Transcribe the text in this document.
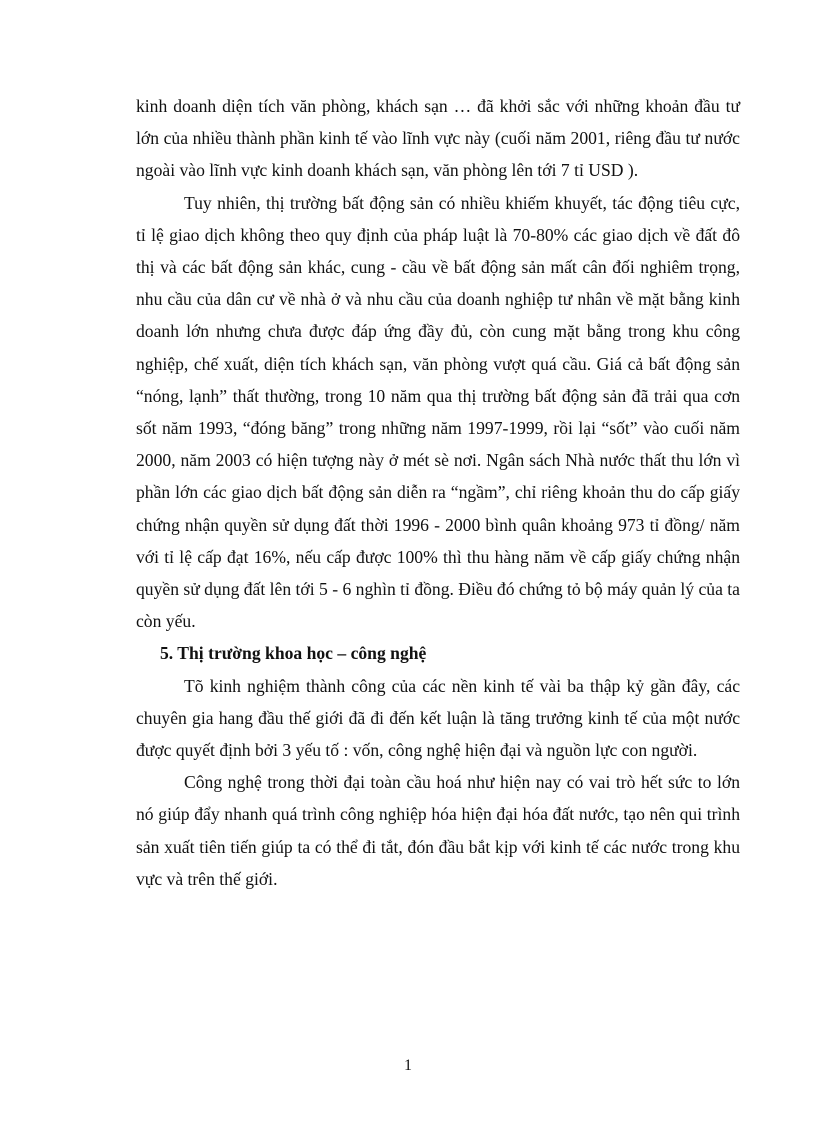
kinh doanh diện tích văn phòng, khách sạn … đã khởi sắc với những khoản đầu tư lớn của nhiều thành phần kinh tế vào lĩnh vực này (cuối năm 2001, riêng đầu tư nước ngoài vào lĩnh vực kinh doanh khách sạn, văn phòng lên tới 7 tỉ USD ).

Tuy nhiên, thị trường bất động sản có nhiều khiếm khuyết, tác động tiêu cực, tỉ lệ giao dịch không theo quy định của pháp luật là 70-80% các giao dịch về đất đô thị và các bất động sản khác, cung - cầu về bất động sản mất cân đối nghiêm trọng, nhu cầu của dân cư về nhà ở và nhu cầu của doanh nghiệp tư nhân về mặt bằng kinh doanh lớn nhưng chưa được đáp ứng đầy đủ, còn cung mặt bằng trong khu công nghiệp, chế xuất, diện tích khách sạn, văn phòng vượt quá cầu. Giá cả bất động sản “nóng, lạnh” thất thường, trong 10 năm qua thị trường bất động sản đã trải qua cơn sốt năm 1993, “đóng băng” trong những năm 1997-1999, rồi lại “sốt” vào cuối năm 2000, năm 2003 có hiện tượng này ở mét sè nơi. Ngân sách Nhà nước thất thu lớn vì phần lớn các giao dịch bất động sản diễn ra “ngầm”, chỉ riêng khoản thu do cấp giấy chứng nhận quyền sử dụng đất thời 1996 - 2000 bình quân khoảng 973 tỉ đồng/ năm với tỉ lệ cấp đạt 16%, nếu cấp được 100% thì thu hàng năm về cấp giấy chứng nhận quyền sử dụng đất lên tới 5 - 6 nghìn tỉ đồng. Điều đó chứng tỏ bộ máy quản lý của ta còn yếu.

5. Thị trường khoa học – công nghệ

Tõ kinh nghiệm thành công của các nền kinh tế vài ba thập kỷ gần đây, các chuyên gia hang đầu thế giới đã đi đến kết luận là tăng trưởng kinh tế của một nước được quyết định bởi 3 yếu tố : vốn, công nghệ hiện đại và nguồn lực con người.

Công nghệ trong thời đại toàn cầu hoá như hiện nay có vai trò hết sức to lớn nó giúp đẩy nhanh quá trình công nghiệp hóa hiện đại hóa đất nước, tạo nên qui trình sản xuất tiên tiến giúp ta có thể đi tắt, đón đầu bắt kịp với kinh tế các nước trong khu vực và trên thế giới.

1
